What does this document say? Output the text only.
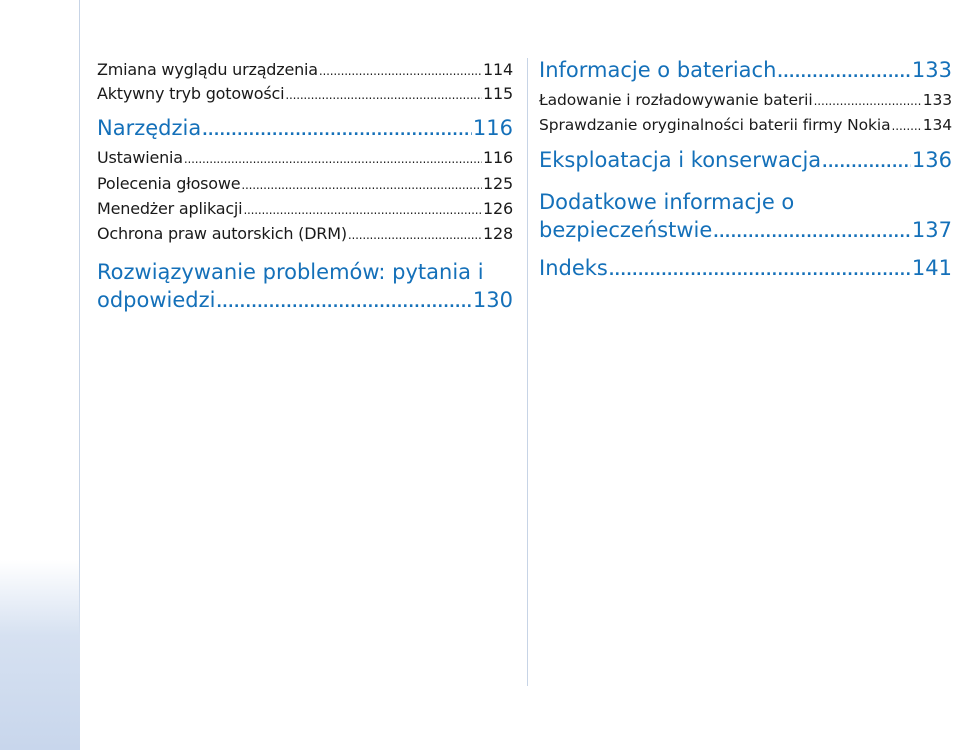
Zmiana wyglądu urządzenia .....	114
Aktywny tryb gotowości .....	115
Narzędzia .....	116
Ustawienia .....	116
Polecenia głosowe .....	125
Menedżer aplikacji .....	126
Ochrona praw autorskich (DRM) .....	128
Rozwiązywanie problemów: pytania i
odpowiedzi .....	130
Informacje o bateriach .....	133
Ładowanie i rozładowywanie baterii .....	133
Sprawdzanie oryginalności baterii firmy Nokia ..... 134
Eksploatacja i konserwacja .....	136
Dodatkowe informacje o
bezpieczeństwie .....	137
Indeks .....	141
